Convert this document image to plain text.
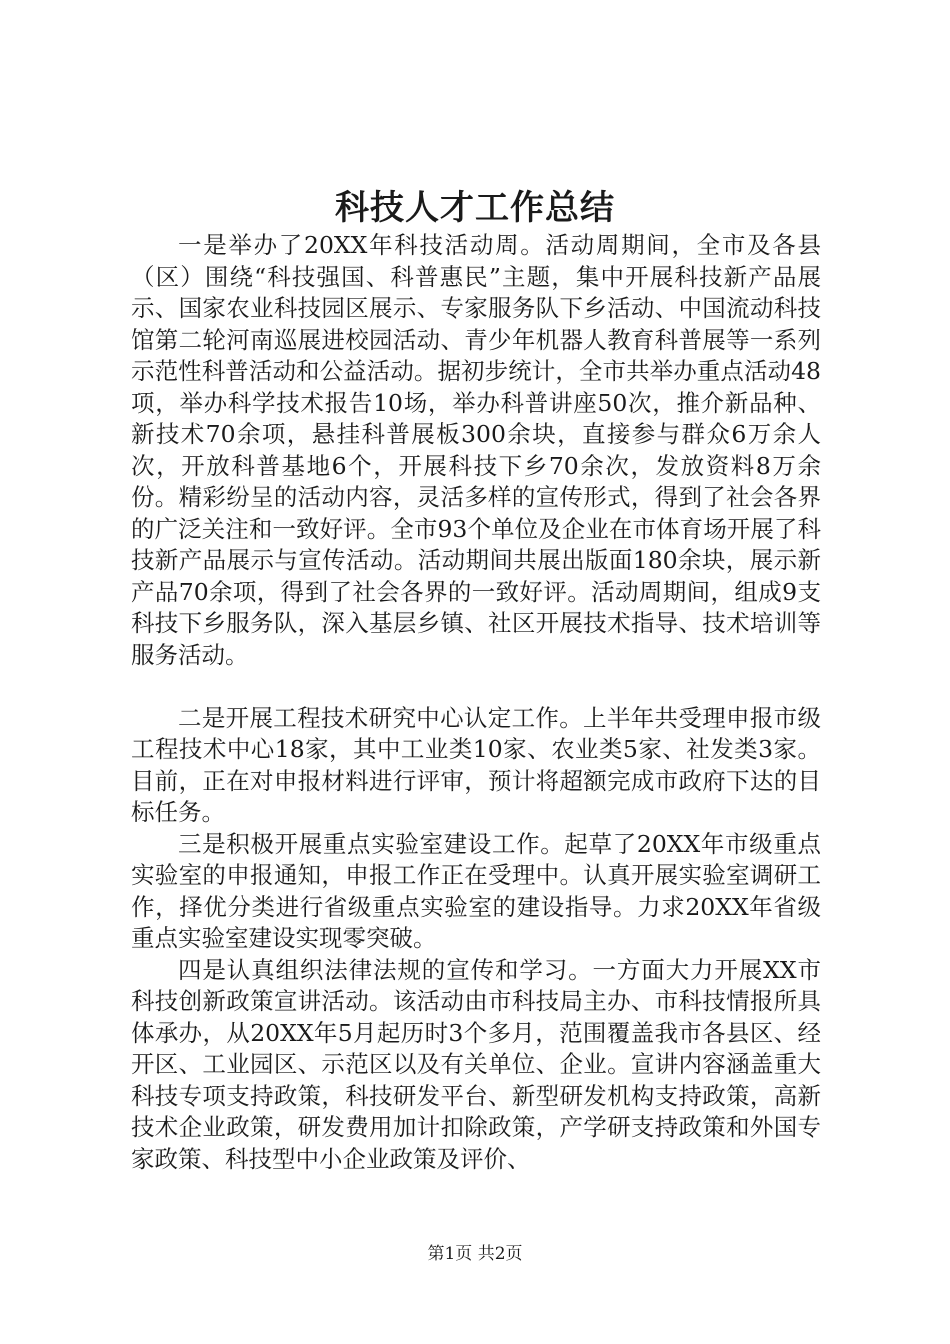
科技人才工作总结

一是举办了20XX年科技活动周。活动周期间，全市及各县（区）围绕“科技强国、科普惠民”主题，集中开展科技新产品展示、国家农业科技园区展示、专家服务队下乡活动、中国流动科技馆第二轮河南巡展进校园活动、青少年机器人教育科普展等一系列示范性科普活动和公益活动。据初步统计，全市共举办重点活动48项，举办科学技术报告10场，举办科普讲座50次，推介新品种、新技术70余项，悬挂科普展板300余块，直接参与群众6万余人次，开放科普基地6个，开展科技下乡70余次，发放资料8万余份。精彩纷呈的活动内容，灵活多样的宣传形式，得到了社会各界的广泛关注和一致好评。全市93个单位及企业在市体育场开展了科技新产品展示与宣传活动。活动期间共展出版面180余块，展示新产品70余项，得到了社会各界的一致好评。活动周期间，组成9支科技下乡服务队，深入基层乡镇、社区开展技术指导、技术培训等服务活动。

二是开展工程技术研究中心认定工作。上半年共受理申报市级工程技术中心18家，其中工业类10家、农业类5家、社发类3家。目前，正在对申报材料进行评审，预计将超额完成市政府下达的目标任务。

三是积极开展重点实验室建设工作。起草了20XX年市级重点实验室的申报通知，申报工作正在受理中。认真开展实验室调研工作，择优分类进行省级重点实验室的建设指导。力求20XX年省级重点实验室建设实现零突破。

四是认真组织法律法规的宣传和学习。一方面大力开展XX市科技创新政策宣讲活动。该活动由市科技局主办、市科技情报所具体承办，从20XX年5月起历时3个多月，范围覆盖我市各县区、经开区、工业园区、示范区以及有关单位、企业。宣讲内容涵盖重大科技专项支持政策，科技研发平台、新型研发机构支持政策，高新技术企业政策，研发费用加计扣除政策，产学研支持政策和外国专家政策、科技型中小企业政策及评价、

第1页 共2页
